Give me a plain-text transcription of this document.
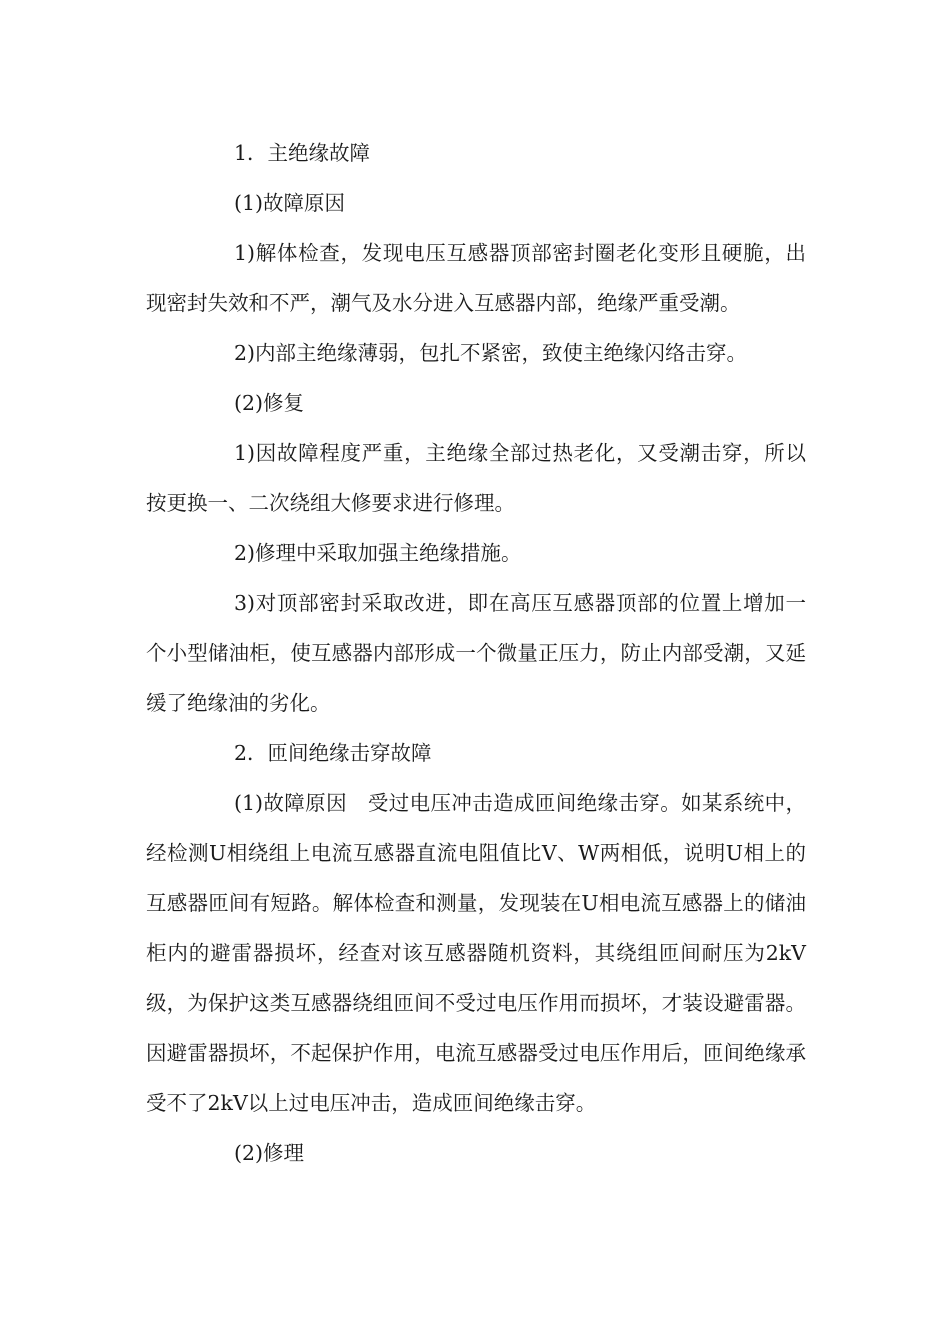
1．主绝缘故障

(1)故障原因

1)解体检查，发现电压互感器顶部密封圈老化变形且硬脆，出现密封失效和不严，潮气及水分进入互感器内部，绝缘严重受潮。

2)内部主绝缘薄弱，包扎不紧密，致使主绝缘闪络击穿。

(2)修复

1)因故障程度严重，主绝缘全部过热老化，又受潮击穿，所以按更换一、二次绕组大修要求进行修理。

2)修理中采取加强主绝缘措施。

3)对顶部密封采取改进，即在高压互感器顶部的位置上增加一个小型储油柜，使互感器内部形成一个微量正压力，防止内部受潮，又延缓了绝缘油的劣化。

2．匝间绝缘击穿故障

(1)故障原因　受过电压冲击造成匝间绝缘击穿。如某系统中，经检测U相绕组上电流互感器直流电阻值比V、W两相低，说明U相上的互感器匝间有短路。解体检查和测量，发现装在U相电流互感器上的储油柜内的避雷器损坏，经查对该互感器随机资料，其绕组匝间耐压为2kV级，为保护这类互感器绕组匝间不受过电压作用而损坏，才装设避雷器。因避雷器损坏，不起保护作用，电流互感器受过电压作用后，匝间绝缘承受不了2kV以上过电压冲击，造成匝间绝缘击穿。

(2)修理
